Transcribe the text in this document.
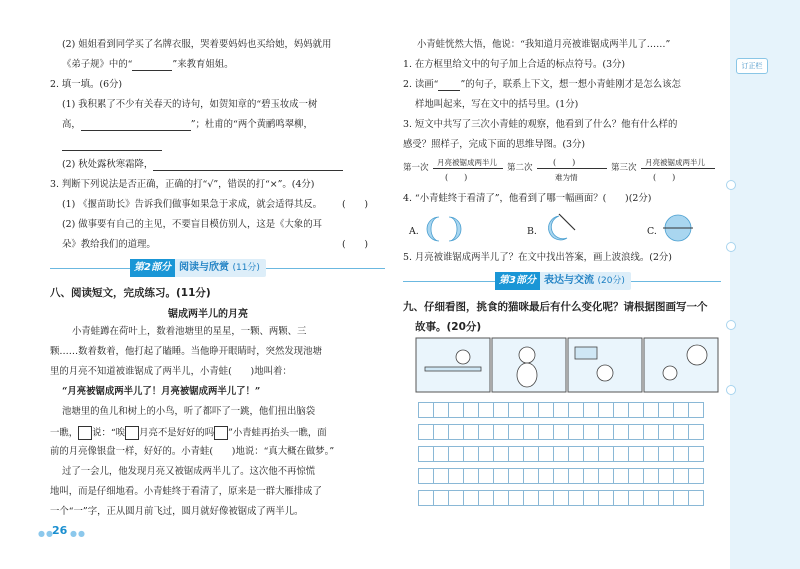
(2) 姐姐看到同学买了名牌衣服，哭着要妈妈也买给她，妈妈就用
《弟子规》中的“	”来教育姐姐。
2. 填一填。(6分)
(1) 我积累了不少有关春天的诗句，如贺知章的“碧玉妆成一树
高，	”；杜甫的“两个黄鹂鸣翠柳，
(2) 秋处露秋寒霜降，
3. 判断下列说法是否正确，正确的打“√”，错误的打“×”。(4分)
(1) 《揠苗助长》告诉我们做事如果急于求成，就会适得其反。 (　　)
(2) 做事要有自己的主见，不要盲目模仿别人，这是《大象的耳
朵》教给我们的道理。	(　　)
第2部分 阅读与欣赏 (11分)
八、阅读短文，完成练习。(11分)
锯成两半儿的月亮
小青蛙蹲在荷叶上，数着池塘里的星星，一颗、两颗、三
颗……数着数着，他打起了瞌睡。当他睁开眼睛时，突然发现池塘
里的月亮不知道被谁锯成了两半儿，小青蛙(　　)地叫着：
“月亮被锯成两半儿了！月亮被锯成两半儿了！”
池塘里的鱼儿和树上的小鸟，听了都吓了一跳，他们扭出脑袋
一瞧， 说：“唉 月亮不是好好的吗 ”小青蛙再抬头一瞧，面
前的月亮像银盘一样，好好的。小青蛙(　　)地说：“真大概在做梦。”
过了一会儿，他发现月亮又被锯成两半儿了。这次他不再惊慌
地叫，而是仔细地看。小青蛙终于看清了，原来是一群大雁排成了
一个“一”字，正从圆月前飞过，圆月就好像被锯成了两半儿。
●●
26 ●●
小青蛙恍然大悟，他说：“我知道月亮被谁锯成两半儿了……”
1. 在方框里给文中的句子加上合适的标点符号。(3分)
2. 读画“ ”的句子，联系上下文，想一想小青蛙刚才是怎么该怎
样地叫起来，写在文中的括号里。(1分)
3. 短文中共写了三次小青蛙的观察，他看到了什么？他有什么样的
感受？照样子，完成下面的思维导图。(3分)
第一次
月亮被锯成两半儿
(　　)
第二次
(　　)
难为情
第三次
月亮被锯成两半儿
(　　)
4. “小青蛙终于看清了”，他看到了哪一幅画面？(　　)(2分)
A.	B.	C.
5. 月亮被谁锯成两半儿了？在文中找出答案，画上波浪线。(2分)
第3部分 表达与交流 (20分)
九、仔细看图，挑食的猫咪最后有什么变化呢？请根据图画写一个
故事。(20分)
订正栏
